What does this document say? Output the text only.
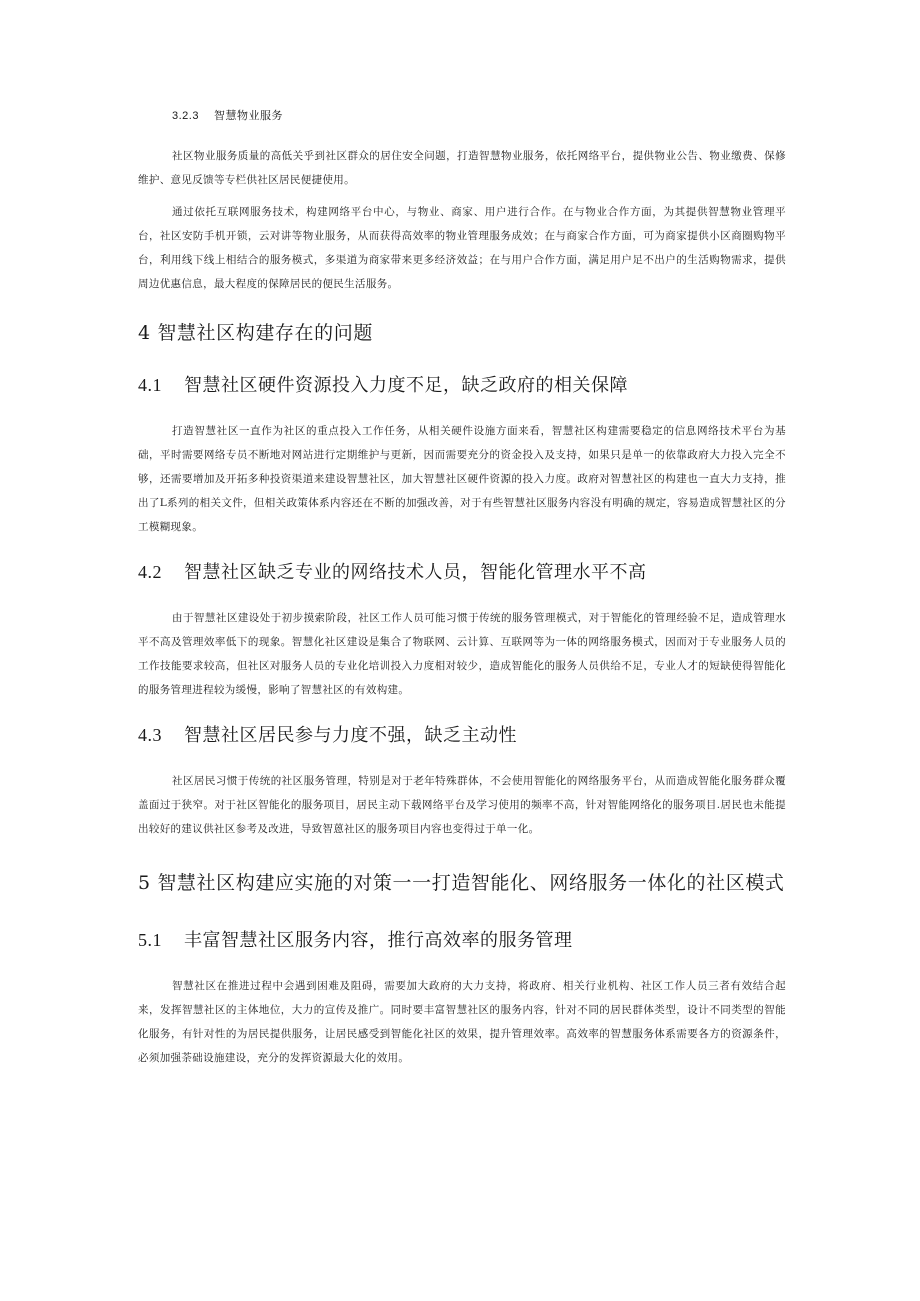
3.2.3 智慧物业服务

社区物业服务质量的高低关乎到社区群众的居住安全问题，打造智慧物业服务，依托网络平台，提供物业公告、物业缴费、保修维护、意见反馈等专栏供社区居民便捷使用。

通过依托互联网服务技术，构建网络平台中心，与物业、商家、用户进行合作。在与物业合作方面，为其提供智慧物业管理平台，社区安防手机开锁，云对讲等物业服务，从而获得高效率的物业管理服务成效；在与商家合作方面，可为商家提供小区商圈购物平台，利用线下线上相结合的服务模式，多渠道为商家带来更多经济效益；在与用户合作方面，满足用户足不出户的生活购物需求，提供周边优惠信息，最大程度的保障居民的便民生活服务。

4 智慧社区构建存在的问题
4.1 智慧社区硬件资源投入力度不足，缺乏政府的相关保障

打造智慧社区一直作为社区的重点投入工作任务，从相关硬件设施方面来看，智慧社区构建需要稳定的信息网络技术平台为基础，平时需要网络专员不断地对网站进行定期维护与更新，因而需要充分的资金投入及支持，如果只是单一的依靠政府大力投入完全不够，还需要增加及开拓多种投资渠道来建设智慧社区，加大智慧社区硬件资源的投入力度。政府对智慧社区的构建也一直大力支持，推出了L系列的相关文件，但相关政策体系内容还在不断的加强改善，对于有些智慧社区服务内容没有明确的规定，容易造成智慧社区的分工模糊现象。

4.2 智慧社区缺乏专业的网络技术人员，智能化管理水平不高

由于智慧社区建设处于初步摸索阶段，社区工作人员可能习惯于传统的服务管理模式，对于智能化的管理经验不足，造成管理水平不高及管理效率低下的现象。智慧化社区建设是集合了物联网、云计算、互联网等为一体的网络服务模式，因而对于专业服务人员的工作技能要求较高，但社区对服务人员的专业化培训投入力度相对较少，造成智能化的服务人员供给不足，专业人才的短缺使得智能化的服务管理进程较为缓慢，影响了智慧社区的有效构建。

4.3 智慧社区居民参与力度不强，缺乏主动性

社区居民习惯于传统的社区服务管理，特别是对于老年特殊群体，不会使用智能化的网络服务平台，从而造成智能化服务群众覆盖面过于狭窄。对于社区智能化的服务项目，居民主动下载网络平台及学习使用的频率不高，针对智能网络化的服务项目.居民也未能提出较好的建议供社区参考及改进，导致智蒽社区的服务项目内容也变得过于单一化。

5 智慧社区构建应实施的对策一一打造智能化、网络服务一体化的社区模式
5.1 丰富智慧社区服务内容，推行高效率的服务管理

智慧社区在推进过程中会遇到困难及阻碍，需要加大政府的大力支持，将政府、相关行业机构、社区工作人员三者有效结合起来，发挥智慧社区的主体地位，大力的宣传及推广。同时要丰富智慧社区的服务内容，针对不同的居民群体类型，设计不同类型的智能化服务，有针对性的为居民提供服务，让居民感受到智能化社区的效果，提升管理效率。高效率的智慧服务体系需要各方的资源条件，必须加强荼础设施建设，充分的发挥资源最大化的效用。
